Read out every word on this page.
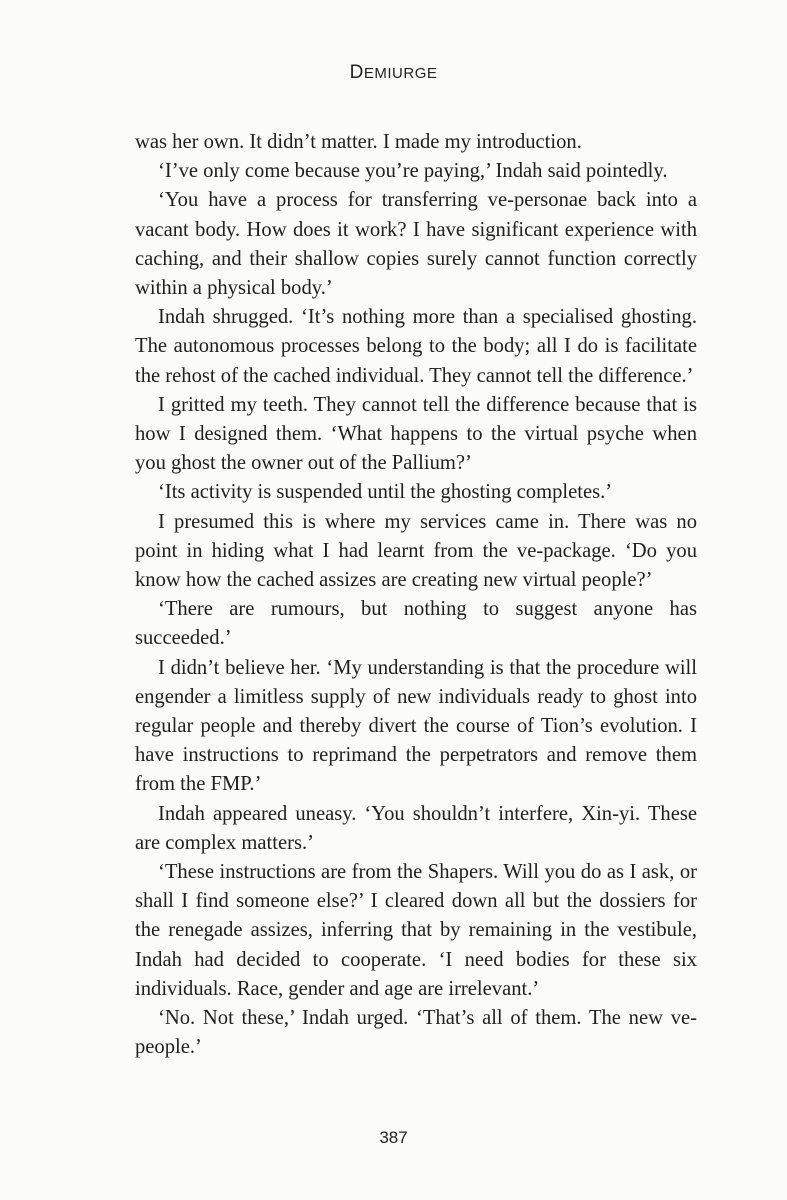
DEMIURGE

was her own. It didn’t matter. I made my introduction.

‘I’ve only come because you’re paying,’ Indah said pointedly.

‘You have a process for transferring ve-personae back into a vacant body. How does it work? I have significant experience with caching, and their shallow copies surely cannot function correctly within a physical body.’

Indah shrugged. ‘It’s nothing more than a specialised ghosting. The autonomous processes belong to the body; all I do is facilitate the rehost of the cached individual. They cannot tell the difference.’

I gritted my teeth. They cannot tell the difference because that is how I designed them. ‘What happens to the virtual psyche when you ghost the owner out of the Pallium?’

‘Its activity is suspended until the ghosting completes.’

I presumed this is where my services came in. There was no point in hiding what I had learnt from the ve-package. ‘Do you know how the cached assizes are creating new virtual people?’

‘There are rumours, but nothing to suggest anyone has succeeded.’

I didn’t believe her. ‘My understanding is that the procedure will engender a limitless supply of new individuals ready to ghost into regular people and thereby divert the course of Tion’s evolution. I have instructions to reprimand the perpetrators and remove them from the FMP.’

Indah appeared uneasy. ‘You shouldn’t interfere, Xin-yi. These are complex matters.’

‘These instructions are from the Shapers. Will you do as I ask, or shall I find someone else?’ I cleared down all but the dossiers for the renegade assizes, inferring that by remaining in the vestibule, Indah had decided to cooperate. ‘I need bodies for these six individuals. Race, gender and age are irrelevant.’

‘No. Not these,’ Indah urged. ‘That’s all of them. The new ve-people.’

387
